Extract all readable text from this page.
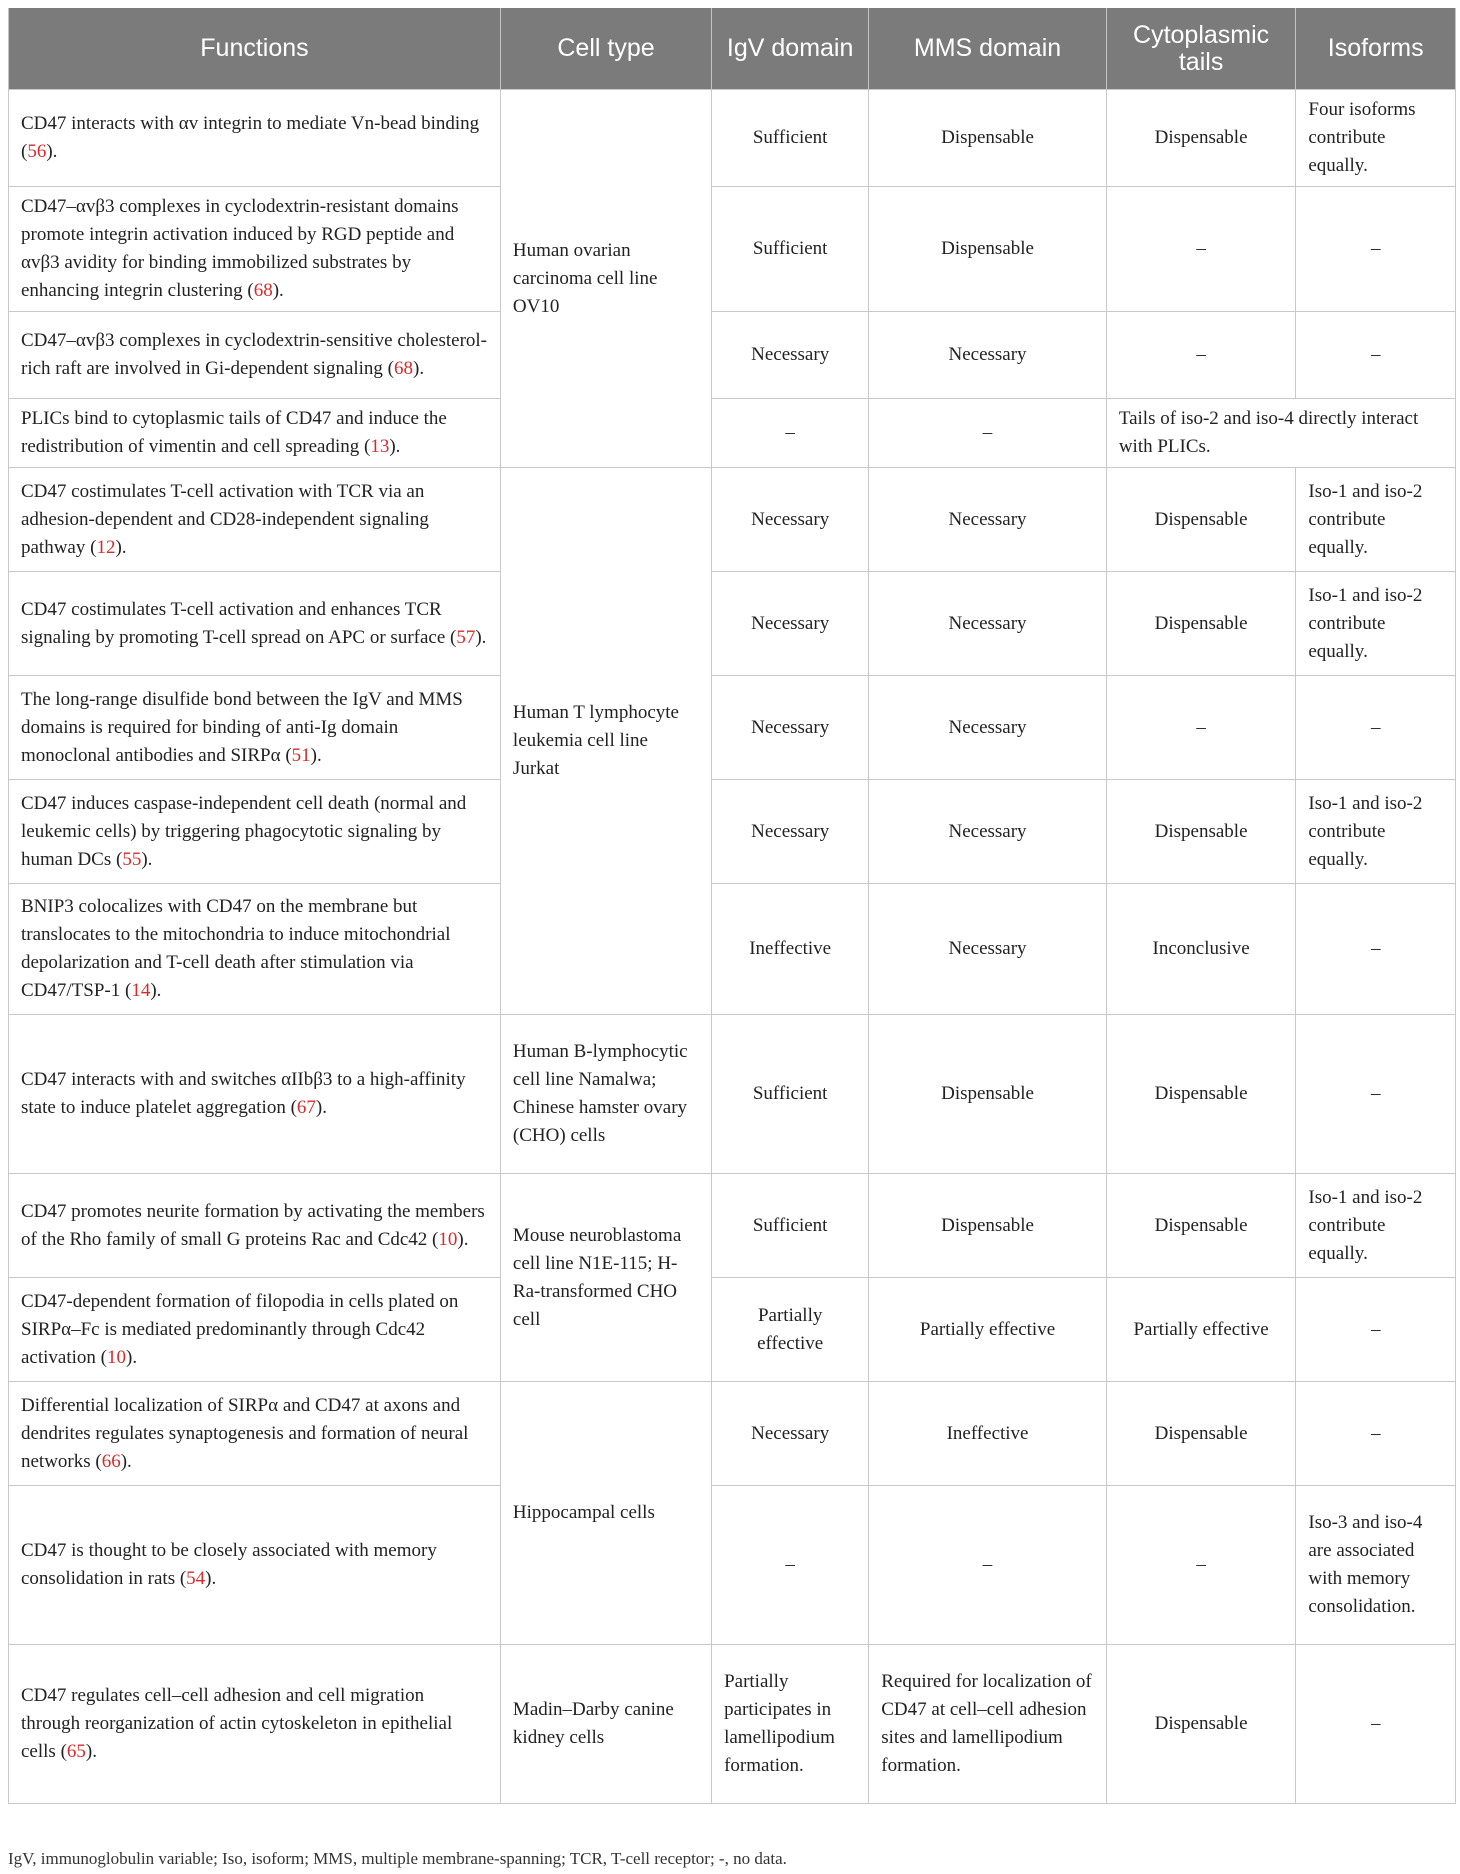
Functions	Cell type	IgV domain	MMS domain	Cytoplasmic tails	Isoforms
CD47 interacts with αv integrin to mediate Vn-bead binding (56).	Human ovarian carcinoma cell line OV10	Sufficient	Dispensable	Dispensable	Four isoforms contribute equally.
CD47–αvβ3 complexes in cyclodextrin-resistant domains promote integrin activation induced by RGD peptide and αvβ3 avidity for binding immobilized substrates by enhancing integrin clustering (68).		Sufficient	Dispensable	–	–
CD47–αvβ3 complexes in cyclodextrin-sensitive cholesterol-rich raft are involved in Gi-dependent signaling (68).		Necessary	Necessary	–	–
PLICs bind to cytoplasmic tails of CD47 and induce the redistribution of vimentin and cell spreading (13).		–	–	Tails of iso-2 and iso-4 directly interact with PLICs.	
CD47 costimulates T-cell activation with TCR via an adhesion-dependent and CD28-independent signaling pathway (12).	Human T lymphocyte leukemia cell line Jurkat	Necessary	Necessary	Dispensable	Iso-1 and iso-2 contribute equally.
CD47 costimulates T-cell activation and enhances TCR signaling by promoting T-cell spread on APC or surface (57).		Necessary	Necessary	Dispensable	Iso-1 and iso-2 contribute equally.
The long-range disulfide bond between the IgV and MMS domains is required for binding of anti-Ig domain monoclonal antibodies and SIRPα (51).		Necessary	Necessary	–	–
CD47 induces caspase-independent cell death (normal and leukemic cells) by triggering phagocytotic signaling by human DCs (55).		Necessary	Necessary	Dispensable	Iso-1 and iso-2 contribute equally.
BNIP3 colocalizes with CD47 on the membrane but translocates to the mitochondria to induce mitochondrial depolarization and T-cell death after stimulation via CD47/TSP-1 (14).		Ineffective	Necessary	Inconclusive	–
CD47 interacts with and switches αIIbβ3 to a high-affinity state to induce platelet aggregation (67).	Human B-lymphocytic cell line Namalwa; Chinese hamster ovary (CHO) cells	Sufficient	Dispensable	Dispensable	–
CD47 promotes neurite formation by activating the members of the Rho family of small G proteins Rac and Cdc42 (10).	Mouse neuroblastoma cell line N1E-115; H-Ra-transformed CHO cell	Sufficient	Dispensable	Dispensable	Iso-1 and iso-2 contribute equally.
CD47-dependent formation of filopodia in cells plated on SIRPα–Fc is mediated predominantly through Cdc42 activation (10).		Partially effective	Partially effective	Partially effective	–
Differential localization of SIRPα and CD47 at axons and dendrites regulates synaptogenesis and formation of neural networks (66).	Hippocampal cells	Necessary	Ineffective	Dispensable	–
CD47 is thought to be closely associated with memory consolidation in rats (54).		–	–	–	Iso-3 and iso-4 are associated with memory consolidation.
CD47 regulates cell–cell adhesion and cell migration through reorganization of actin cytoskeleton in epithelial cells (65).	Madin–Darby canine kidney cells	Partially participates in lamellipodium formation.	Required for localization of CD47 at cell–cell adhesion sites and lamellipodium formation.	Dispensable	–
IgV, immunoglobulin variable; Iso, isoform; MMS, multiple membrane-spanning; TCR, T-cell receptor; -, no data.
